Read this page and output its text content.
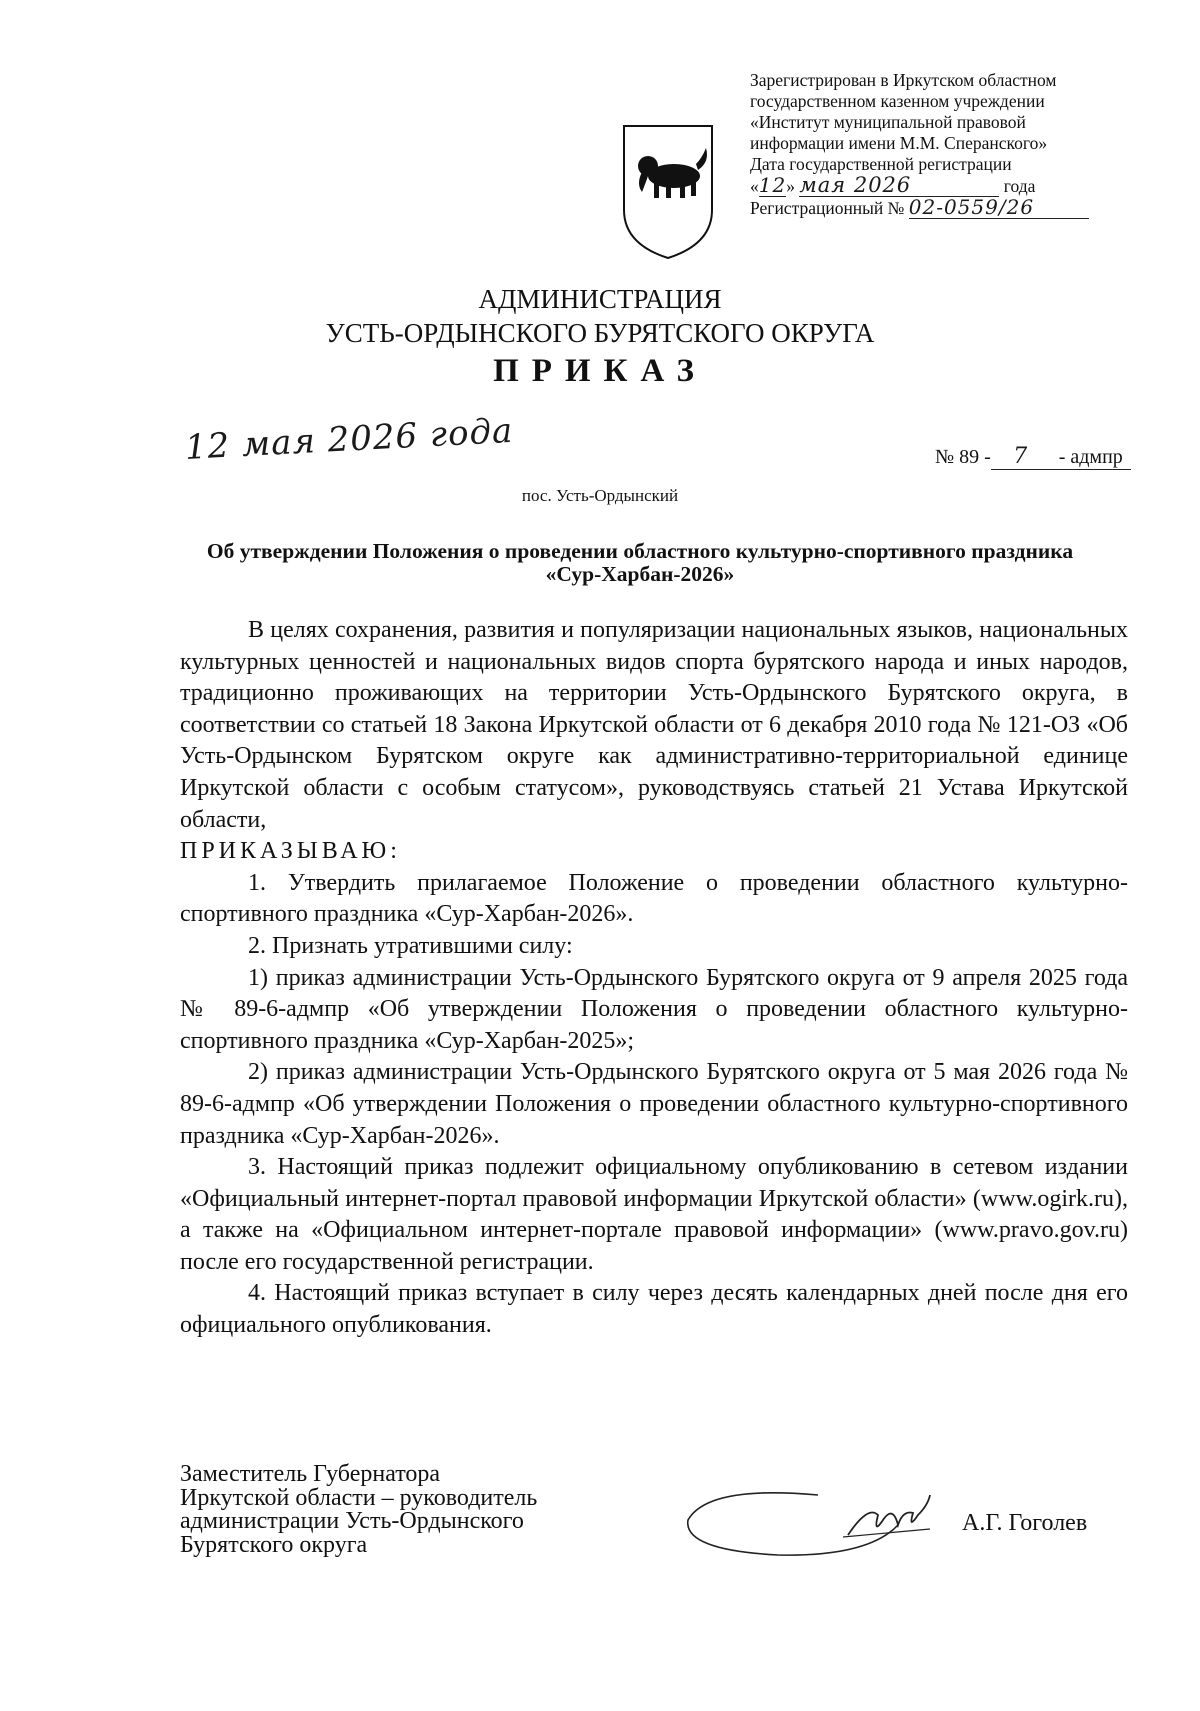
Зарегистрирован в Иркутском областном
государственном казенном учреждении
«Институт муниципальной правовой
информации имени М.М. Сперанского»
Дата государственной регистрации
«12» мая 2026	года
Регистрационный № 02-0559/26
АДМИНИСТРАЦИЯ
УСТЬ-ОРДЫНСКОГО БУРЯТСКОГО ОКРУГА
ПРИКАЗ
12 мая 2026 года	№ 89 - 7 - адмпр
пос. Усть-Ордынский
Об утверждении Положения о проведении областного культурно-спортивного праздника «Сур-Харбан-2026»

В целях сохранения, развития и популяризации национальных языков, национальных культурных ценностей и национальных видов спорта бурятского народа и иных народов, традиционно проживающих на территории Усть-Ордынского Бурятского округа, в соответствии со статьей 18 Закона Иркутской области от 6 декабря 2010 года № 121-ОЗ «Об Усть-Ордынском Бурятском округе как административно-территориальной единице Иркутской области с особым статусом», руководствуясь статьей 21 Устава Иркутской области,

ПРИКАЗЫВАЮ:

1. Утвердить прилагаемое Положение о проведении областного культурно-спортивного праздника «Сур-Харбан-2026».

2. Признать утратившими силу:

1) приказ администрации Усть-Ордынского Бурятского округа от 9 апреля 2025 года № 89-6-адмпр «Об утверждении Положения о проведении областного культурно-спортивного праздника «Сур-Харбан-2025»;

2) приказ администрации Усть-Ордынского Бурятского округа от 5 мая 2026 года № 89-6-адмпр «Об утверждении Положения о проведении областного культурно-спортивного праздника «Сур-Харбан-2026».

3. Настоящий приказ подлежит официальному опубликованию в сетевом издании «Официальный интернет-портал правовой информации Иркутской области» (www.ogirk.ru), а также на «Официальном интернет-портале правовой информации» (www.pravo.gov.ru) после его государственной регистрации.

4. Настоящий приказ вступает в силу через десять календарных дней после дня его официального опубликования.

Заместитель Губернатора
Иркутской области – руководитель
администрации Усть-Ордынского
Бурятского округа
А.Г. Гоголев
